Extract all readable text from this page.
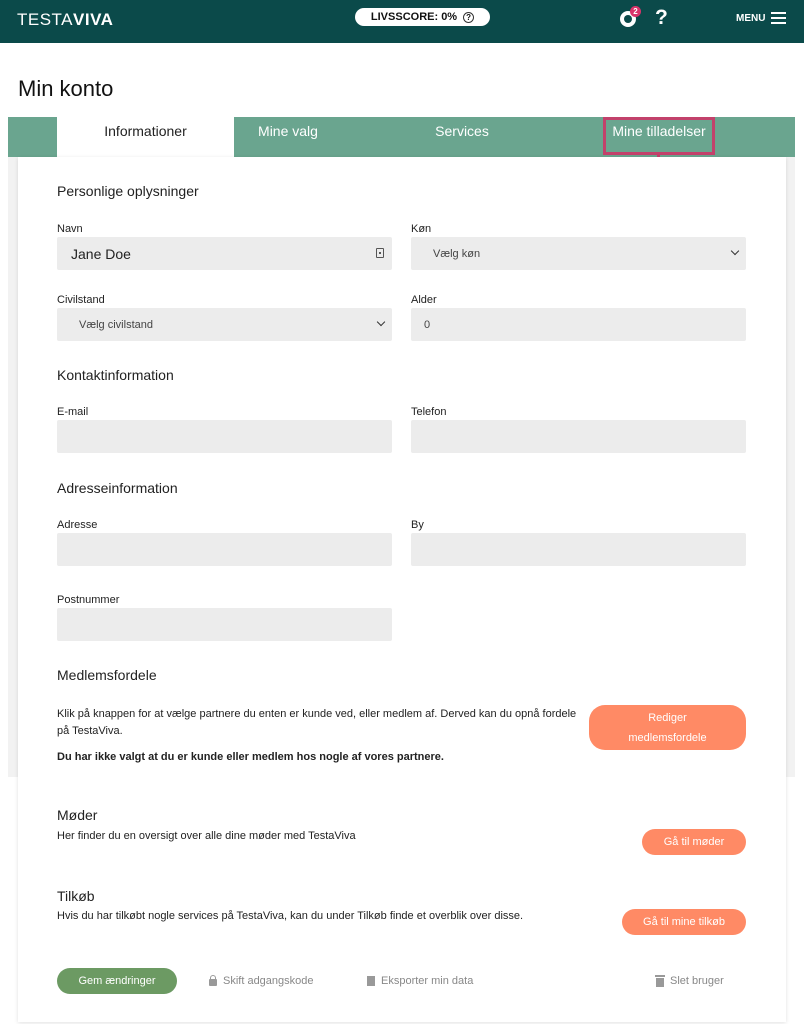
TESTAVIVA	LIVSSCORE: 0%	?
2 ?	MENU
Min konto
Informationer	Mine valg	Services	Mine tilladelser
Personlige oplysninger
Navn
Jane Doe
Køn
Vælg køn
Civilstand
Vælg civilstand
Alder
0
Kontaktinformation
E-mail	Telefon
Adresseinformation
Adresse	By
Postnummer
Medlemsfordele
Klik på knappen for at vælge partnere du enten er kunde ved, eller medlem af. Derved kan du opnå fordele på TestaViva.
Du har ikke valgt at du er kunde eller medlem hos nogle af vores partnere.
Rediger
medlemsfordele
Møder
Her finder du en oversigt over alle dine møder med TestaViva	Gå til møder
Tilkøb
Hvis du har tilkøbt nogle services på TestaViva, kan du under Tilkøb finde et overblik over disse.	Gå til mine tilkøb
Gem ændringer	Skift adgangskode	Eksporter min data	Slet bruger
